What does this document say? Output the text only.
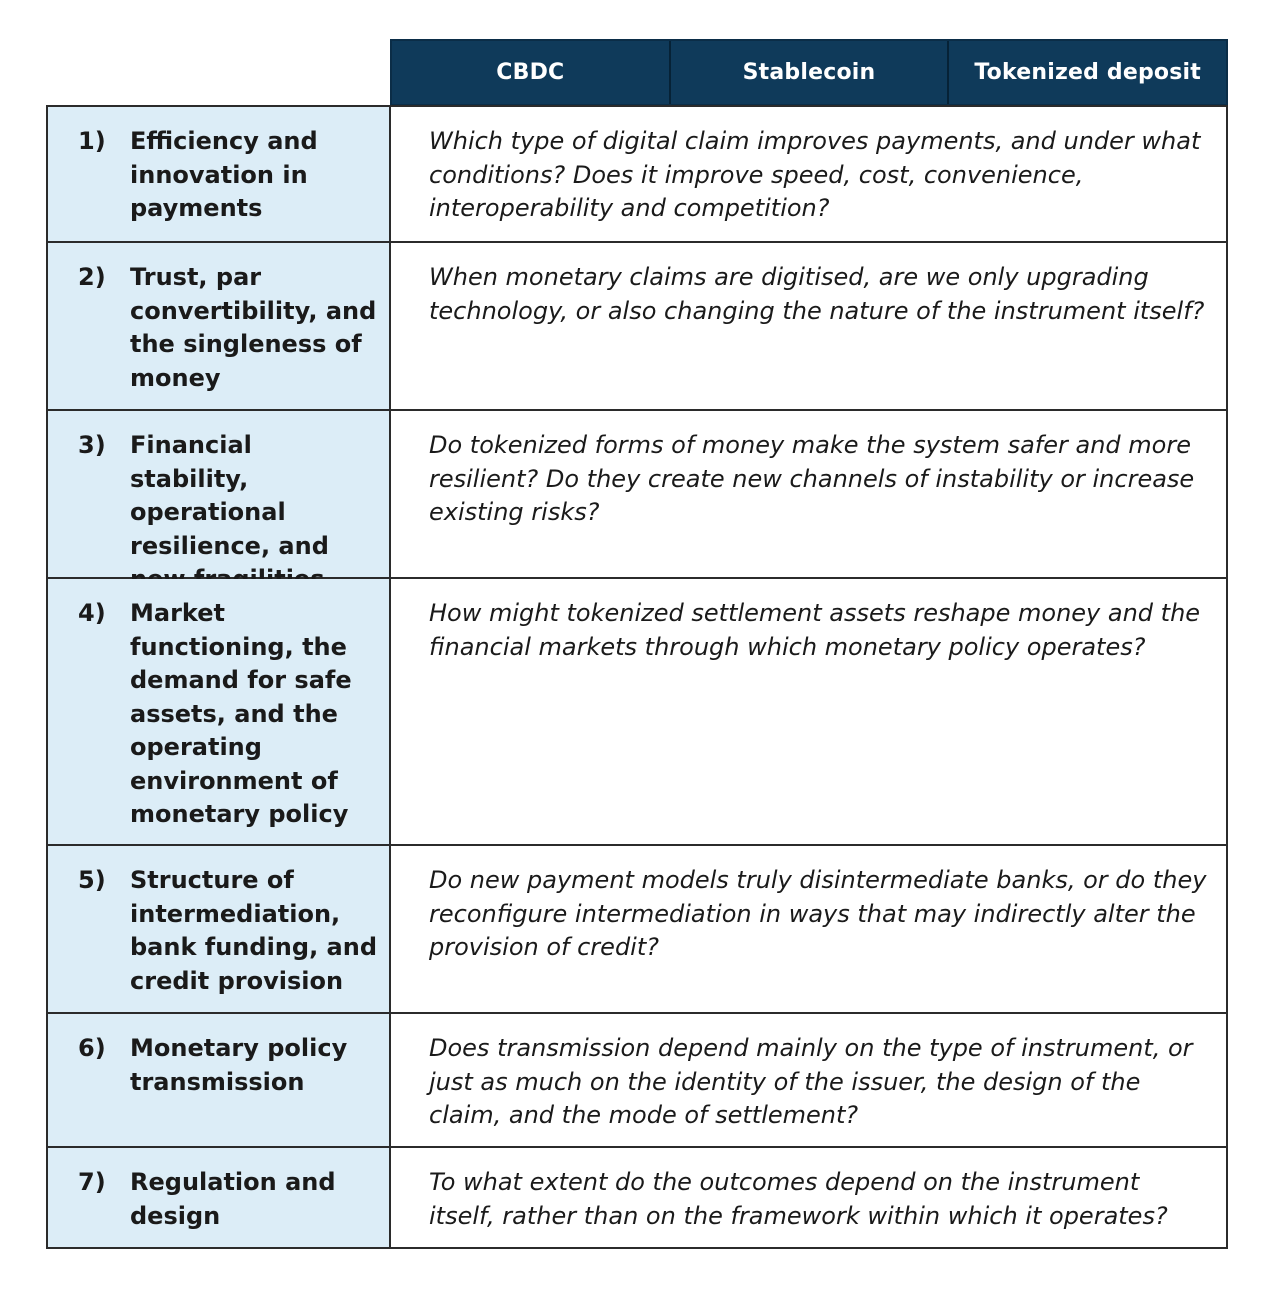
CBDC	Stablecoin	Tokenized deposit
1)	Efficiency and innovation in payments
Which type of digital claim improves payments, and under what conditions? Does it improve speed, cost, convenience, interoperability and competition?
2)	Trust, par convertibility, and the singleness of money
When monetary claims are digitised, are we only upgrading technology, or also changing the nature of the instrument itself?
3)	Financial stability, operational resilience, and
Do tokenized forms of money make the system safer and more resilient? Do they create new channels of instability or increase existing risks?
4)	Market functioning, the demand for safe assets, and the operating environment of monetary policy
How might tokenized settlement assets reshape money and the financial markets through which monetary policy operates?
5)	Structure of intermediation, bank funding, and credit provision
Do new payment models truly disintermediate banks, or do they reconfigure intermediation in ways that may indirectly alter the provision of credit?
6)	Monetary policy transmission
Does transmission depend mainly on the type of instrument, or just as much on the identity of the issuer, the design of the claim, and the mode of settlement?
7)	Regulation and design
To what extent do the outcomes depend on the instrument itself, rather than on the framework within which it operates?
